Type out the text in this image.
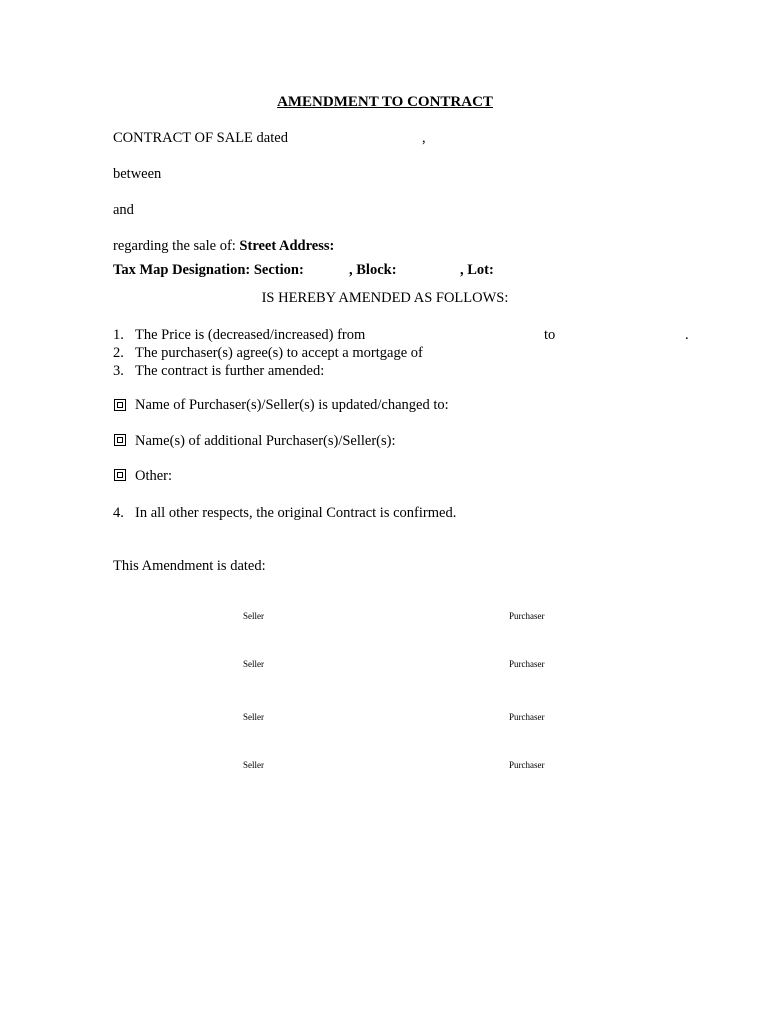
AMENDMENT TO CONTRACT
CONTRACT OF SALE dated	,
between
and
regarding the sale of: Street Address:
Tax Map Designation: Section:	, Block:	, Lot:
IS HEREBY AMENDED AS FOLLOWS:
1. The Price is (decreased/increased) from	to	.
2. The purchaser(s) agree(s) to accept a mortgage of
3. The contract is further amended:
Name of Purchaser(s)/Seller(s) is updated/changed to:
Name(s) of additional Purchaser(s)/Seller(s):
Other:
4. In all other respects, the original Contract is confirmed.
This Amendment is dated:
Seller	Purchaser
Seller	Purchaser
Seller	Purchaser
Seller	Purchaser
